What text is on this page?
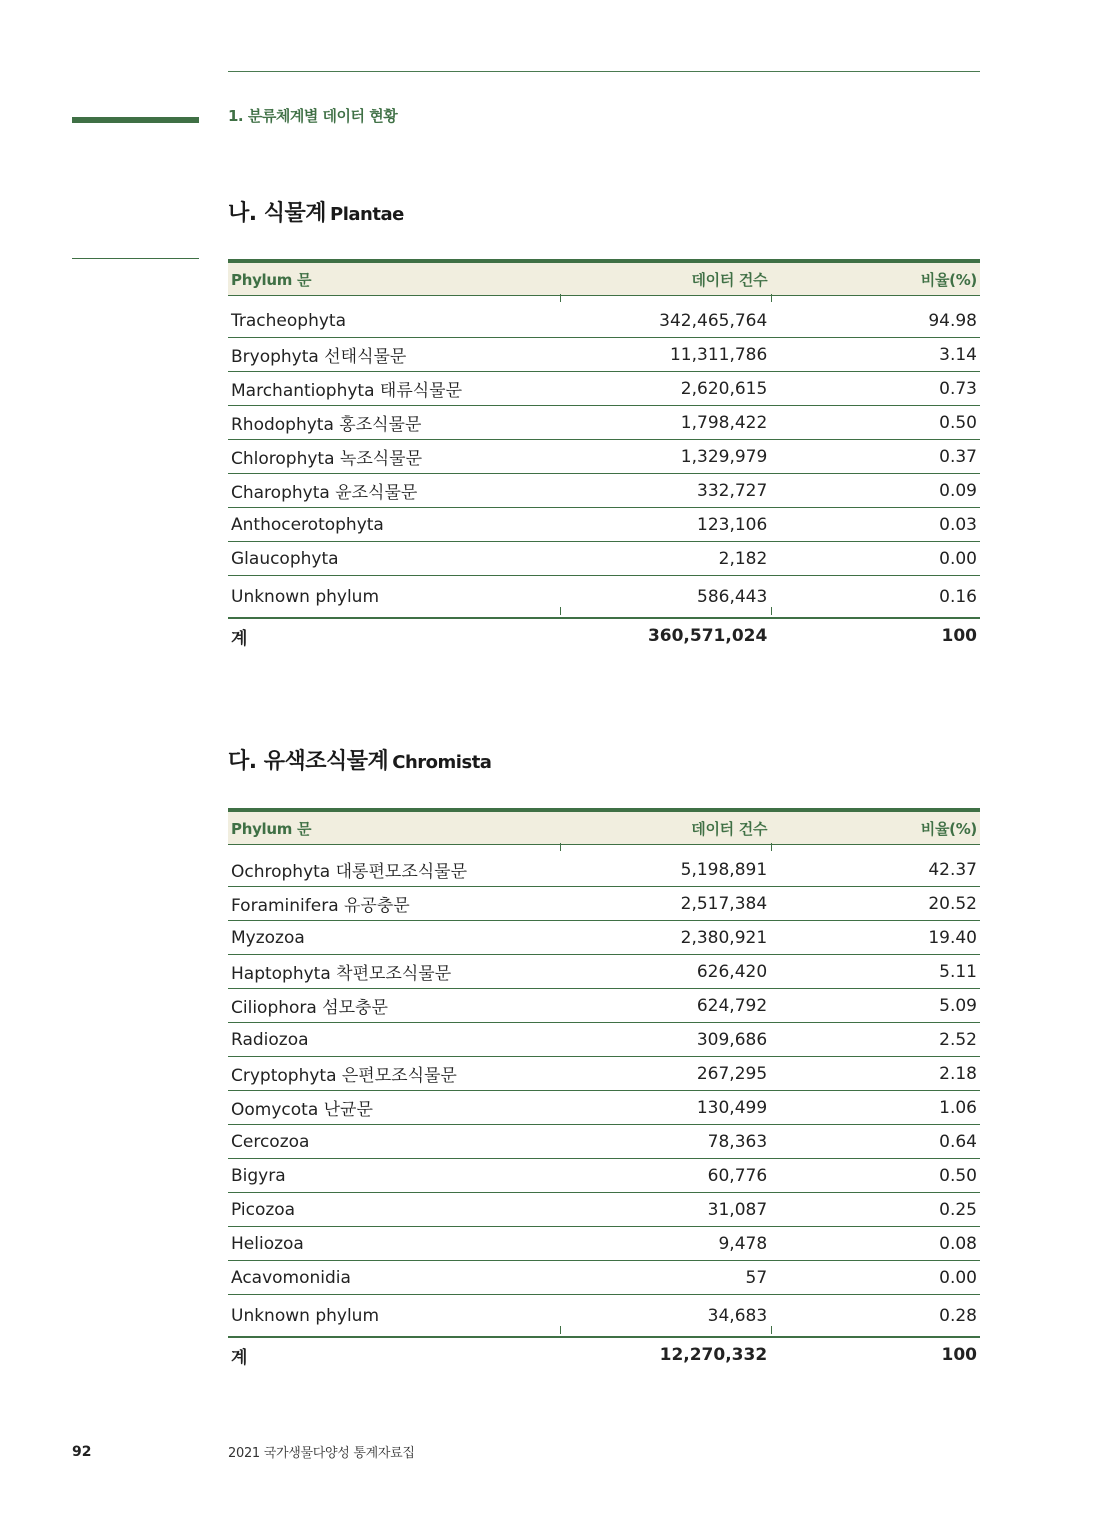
1. 분류체계별 데이터 현황
나. 식물계 Plantae
Phylum 문	데이터 건수	비율(%)
Tracheophyta	342,465,764	94.98
Bryophyta 선태식물문	11,311,786	3.14
Marchantiophyta 태류식물문	2,620,615	0.73
Rhodophyta 홍조식물문	1,798,422	0.50
Chlorophyta 녹조식물문	1,329,979	0.37
Charophyta 윤조식물문	332,727	0.09
Anthocerotophyta	123,106	0.03
Glaucophyta	2,182	0.00
Unknown phylum	586,443	0.16
계	360,571,024	100
다. 유색조식물계 Chromista
Phylum 문	데이터 건수	비율(%)
Ochrophyta 대롱편모조식물문	5,198,891	42.37
Foraminifera 유공충문	2,517,384	20.52
Myzozoa	2,380,921	19.40
Haptophyta 착편모조식물문	626,420	5.11
Ciliophora 섬모충문	624,792	5.09
Radiozoa	309,686	2.52
Cryptophyta 은편모조식물문	267,295	2.18
Oomycota 난균문	130,499	1.06
Cercozoa	78,363	0.64
Bigyra	60,776	0.50
Picozoa	31,087	0.25
Heliozoa	9,478	0.08
Acavomonidia	57	0.00
Unknown phylum	34,683	0.28
계	12,270,332	100
92	2021 국가생물다양성 통계자료집
